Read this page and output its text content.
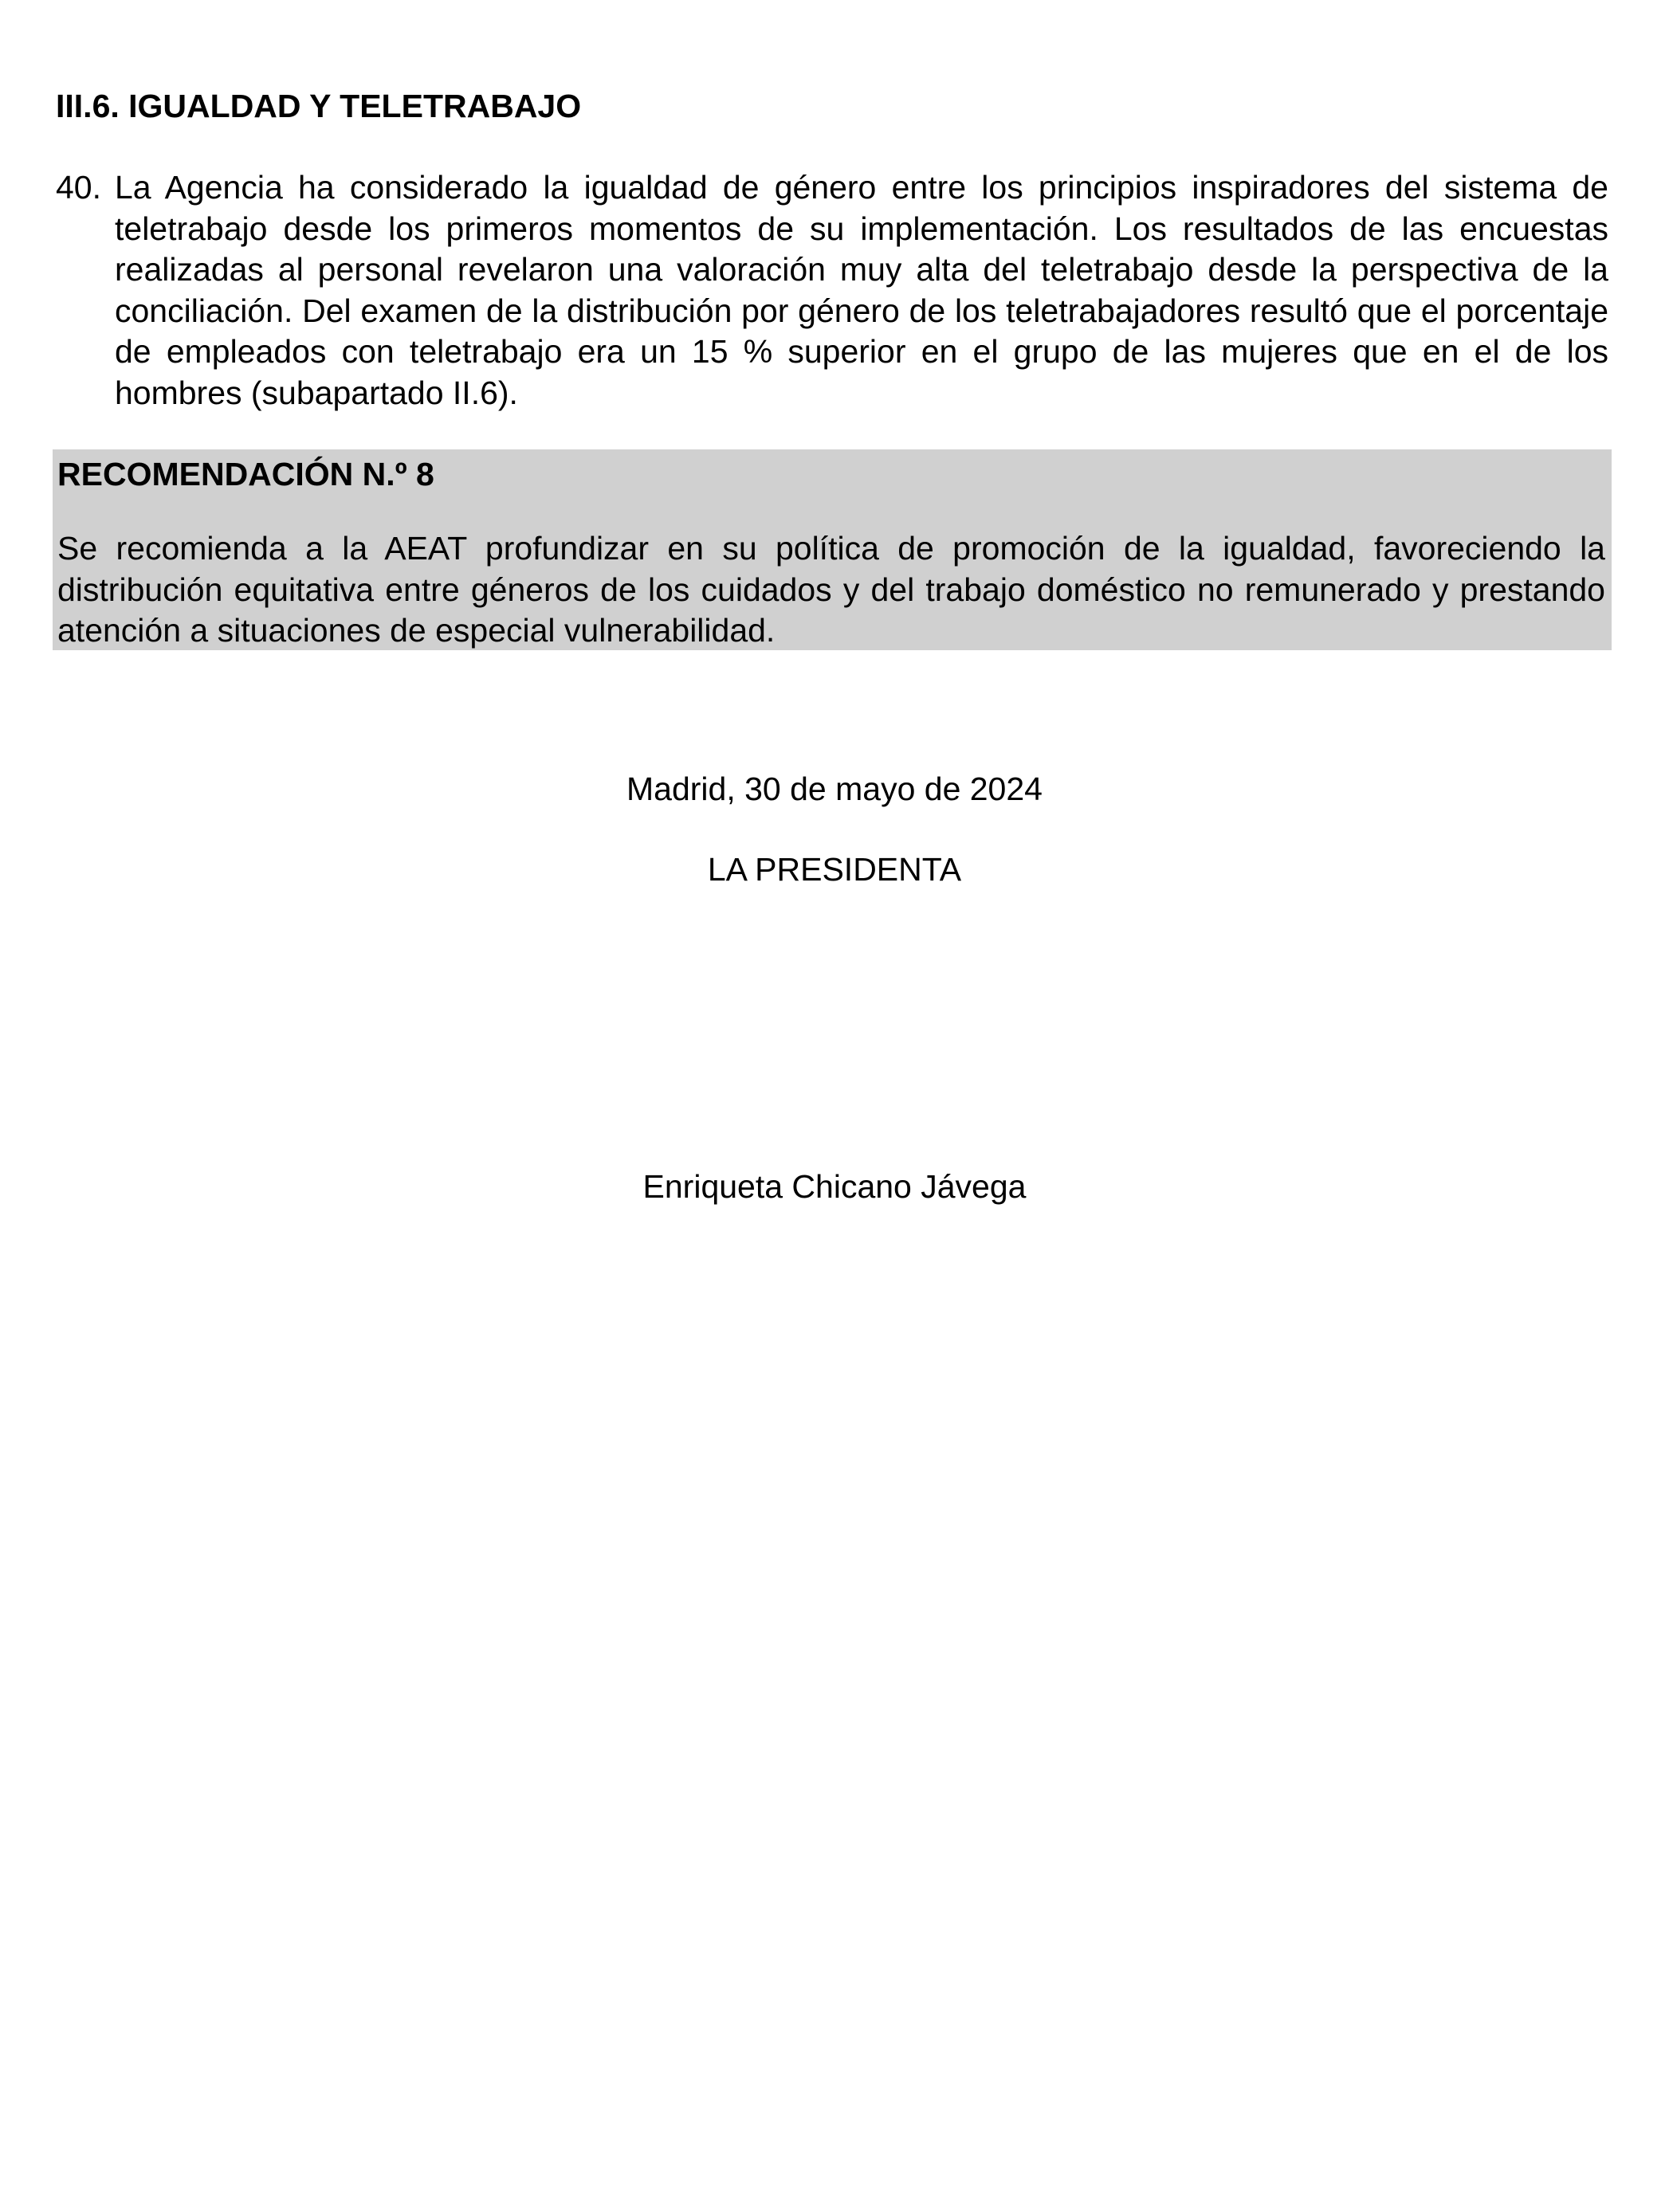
III.6. IGUALDAD Y TELETRABAJO
40. La Agencia ha considerado la igualdad de género entre los principios inspiradores del sistema de teletrabajo desde los primeros momentos de su implementación. Los resultados de las encuestas realizadas al personal revelaron una valoración muy alta del teletrabajo desde la perspectiva de la conciliación. Del examen de la distribución por género de los teletrabajadores resultó que el porcentaje de empleados con teletrabajo era un 15 % superior en el grupo de las mujeres que en el de los hombres (subapartado II.6).

RECOMENDACIÓN N.º 8

Se recomienda a la AEAT profundizar en su política de promoción de la igualdad, favoreciendo la distribución equitativa entre géneros de los cuidados y del trabajo doméstico no remunerado y prestando atención a situaciones de especial vulnerabilidad.

Madrid, 30 de mayo de 2024

LA PRESIDENTA

Enriqueta Chicano Jávega
